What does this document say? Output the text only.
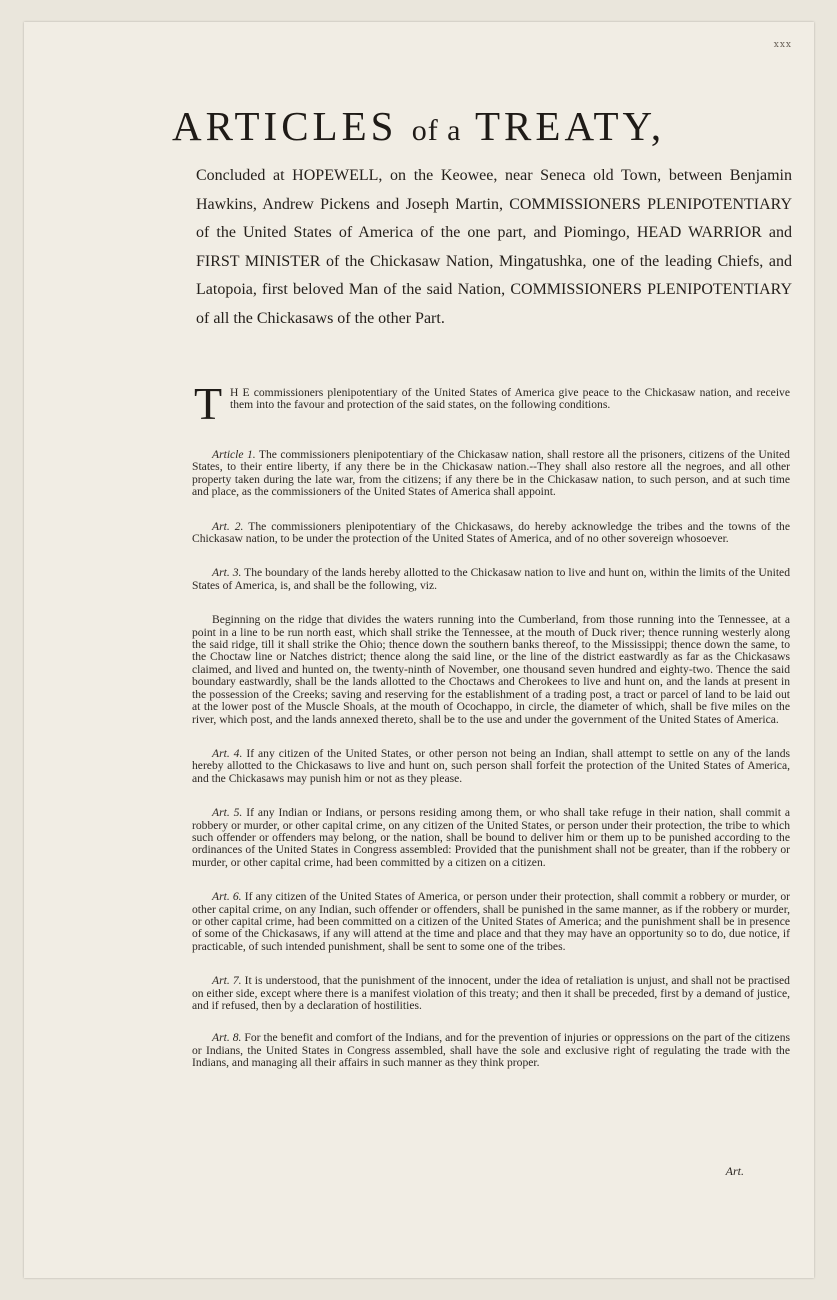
xxx
ARTICLES of a TREATY,
Concluded at HOPEWELL, on the Keowee, near Seneca old Town, between Benjamin Hawkins, Andrew Pickens and Joseph Martin, COMMISSIONERS PLENIPOTENTIARY of the United States of America of the one part, and Piomingo, HEAD WARRIOR and FIRST MINISTER of the Chickasaw Nation, Mingatushka, one of the leading Chiefs, and Latopoia, first beloved Man of the said Nation, COMMISSIONERS PLENIPOTENTIARY of all the Chickasaws of the other Part.

T H E commissioners plenipotentiary of the United States of America give peace to the Chickasaw nation, and receive them into the favour and protection of the said states, on the following conditions.

Article 1. The commissioners plenipotentiary of the Chickasaw nation, shall restore all the prisoners, citizens of the United States, to their entire liberty, if any there be in the Chickasaw nation.--They shall also restore all the negroes, and all other property taken during the late war, from the citizens; if any there be in the Chickasaw nation, to such person, and at such time and place, as the commissioners of the United States of America shall appoint.

Art. 2. The commissioners plenipotentiary of the Chickasaws, do hereby acknowledge the tribes and the towns of the Chickasaw nation, to be under the protection of the United States of America, and of no other sovereign whosoever.

Art. 3. The boundary of the lands hereby allotted to the Chickasaw nation to live and hunt on, within the limits of the United States of America, is, and shall be the following, viz.

Beginning on the ridge that divides the waters running into the Cumberland, from those running into the Tennessee, at a point in a line to be run north east, which shall strike the Tennessee, at the mouth of Duck river; thence running westerly along the said ridge, till it shall strike the Ohio; thence down the southern banks thereof, to the Mississippi; thence down the same, to the Choctaw line or Natches district; thence along the said line, or the line of the district eastwardly as far as the Chickasaws claimed, and lived and hunted on, the twenty-ninth of November, one thousand seven hundred and eighty-two. Thence the said boundary eastwardly, shall be the lands allotted to the Choctaws and Cherokees to live and hunt on, and the lands at present in the possession of the Creeks; saving and reserving for the establishment of a trading post, a tract or parcel of land to be laid out at the lower post of the Muscle Shoals, at the mouth of Ocochappo, in circle, the diameter of which, shall be five miles on the river, which post, and the lands annexed thereto, shall be to the use and under the government of the United States of America.

Art. 4. If any citizen of the United States, or other person not being an Indian, shall attempt to settle on any of the lands hereby allotted to the Chickasaws to live and hunt on, such person shall forfeit the protection of the United States of America, and the Chickasaws may punish him or not as they please.

Art. 5. If any Indian or Indians, or persons residing among them, or who shall take refuge in their nation, shall commit a robbery or murder, or other capital crime, on any citizen of the United States, or person under their protection, the tribe to which such offender or offenders may belong, or the nation, shall be bound to deliver him or them up to be punished according to the ordinances of the United States in Congress assembled: Provided that the punishment shall not be greater, than if the robbery or murder, or other capital crime, had been committed by a citizen on a citizen.

Art. 6. If any citizen of the United States of America, or person under their protection, shall commit a robbery or murder, or other capital crime, on any Indian, such offender or offenders, shall be punished in the same manner, as if the robbery or murder, or other capital crime, had been committed on a citizen of the United States of America; and the punishment shall be in presence of some of the Chickasaws, if any will attend at the time and place and that they may have an opportunity so to do, due notice, if practicable, of such intended punishment, shall be sent to some one of the tribes.

Art. 7. It is understood, that the punishment of the innocent, under the idea of retaliation is unjust, and shall not be practised on either side, except where there is a manifest violation of this treaty; and then it shall be preceded, first by a demand of justice, and if refused, then by a declaration of hostilities.

Art. 8. For the benefit and comfort of the Indians, and for the prevention of injuries or oppressions on the part of the citizens or Indians, the United States in Congress assembled, shall have the sole and exclusive right of regulating the trade with the Indians, and managing all their affairs in such manner as they think proper.

Art.
